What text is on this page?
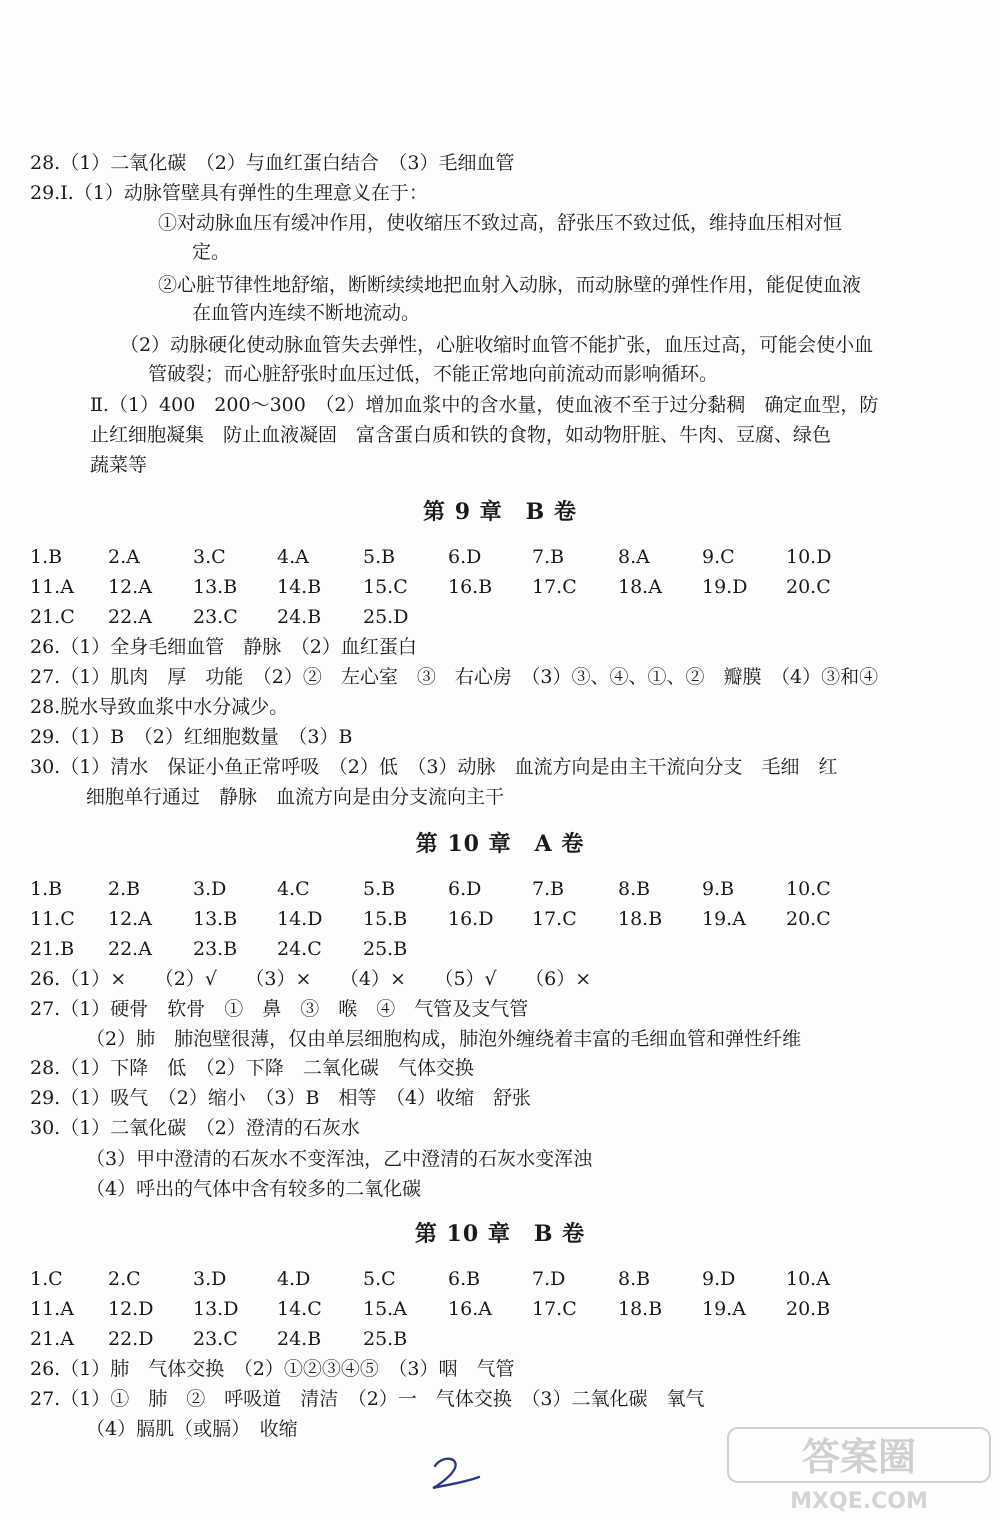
28.（1）二氧化碳　（2）与血红蛋白结合　（3）毛细血管
29.Ⅰ.（1）动脉管壁具有弹性的生理意义在于：
①对动脉血压有缓冲作用，使收缩压不致过高，舒张压不致过低，维持血压相对恒
定。
②心脏节律性地舒缩，断断续续地把血射入动脉，而动脉壁的弹性作用，能促使血液
在血管内连续不断地流动。
（2）动脉硬化使动脉血管失去弹性，心脏收缩时血管不能扩张，血压过高，可能会使小血
管破裂；而心脏舒张时血压过低，不能正常地向前流动而影响循环。
Ⅱ.（1）400　200～300　（2）增加血浆中的含水量，使血液不至于过分黏稠　确定血型，防
止红细胞凝集　防止血液凝固　富含蛋白质和铁的食物，如动物肝脏、牛肉、豆腐、绿色
蔬菜等
第 9 章　B 卷
1.B 2.A	3.C	4.A	5.B	6.D	7.B	8.A	9.C	10.D
11.A 12.A 13.B 14.B 15.C 16.B 17.C 18.A 19.D 20.C
21.C 22.A 23.C 24.B 25.D
26.（1）全身毛细血管　静脉　（2）血红蛋白
27.（1）肌肉　厚　功能　（2）②　左心室　③　右心房　（3）③、④、①、②　瓣膜　（4）③和④
28.脱水导致血浆中水分减少。
29.（1）B　（2）红细胞数量　（3）B
30.（1）清水　保证小鱼正常呼吸　（2）低　（3）动脉　血流方向是由主干流向分支　毛细　红
细胞单行通过　静脉　血流方向是由分支流向主干
第 10 章　A 卷
1.B 2.B	3.D	4.C	5.B	6.D	7.B	8.B	9.B	10.C
11.C 12.A 13.B 14.D 15.B 16.D 17.C 18.B 19.A 20.C
21.B 22.A 23.B 24.C 25.B
26.（1）×　　（2）√　　（3）×　　（4）×　　（5）√　　（6）×
27.（1）硬骨　软骨　①　鼻　③　喉　④　气管及支气管
（2）肺　肺泡壁很薄，仅由单层细胞构成，肺泡外缠绕着丰富的毛细血管和弹性纤维
28.（1）下降　低　（2）下降　二氧化碳　气体交换
29.（1）吸气　（2）缩小　（3）B　相等　（4）收缩　舒张
30.（1）二氧化碳　（2）澄清的石灰水
（3）甲中澄清的石灰水不变浑浊，乙中澄清的石灰水变浑浊
（4）呼出的气体中含有较多的二氧化碳
第 10 章　B 卷
1.C 2.C	3.D	4.D	5.C	6.B	7.D	8.B	9.D	10.A
11.A 12.D 13.D 14.C 15.A 16.A 17.C 18.B 19.A 20.B
21.A 22.D 23.C 24.B 25.B
26.（1）肺　气体交换　（2）①②③④⑤　（3）咽　气管
27.（1）①　肺　②　呼吸道　清洁　（2）一　气体交换　（3）二氧化碳　氧气
（4）膈肌（或膈）　收缩
答案圈
MXQE.COM
